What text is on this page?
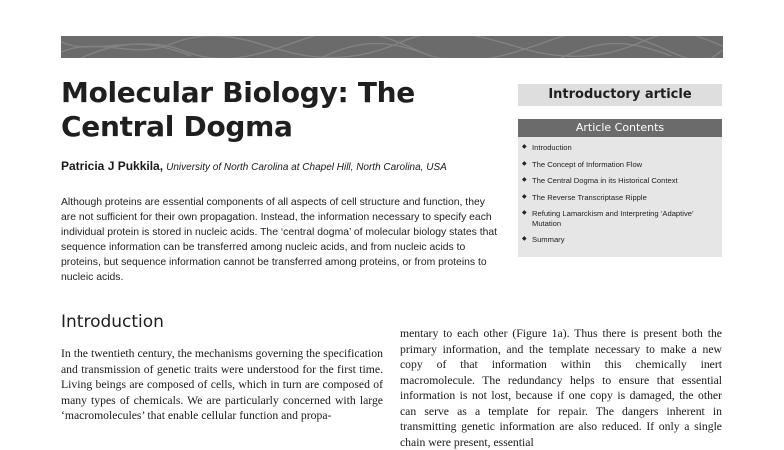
Molecular Biology: The Central Dogma
Patricia J Pukkila, University of North Carolina at Chapel Hill, North Carolina, USA

Although proteins are essential components of all aspects of cell structure and function, they are not sufficient for their own propagation. Instead, the information necessary to specify each individual protein is stored in nucleic acids. The ‘central dogma’ of molecular biology states that sequence information can be transferred among nucleic acids, and from nucleic acids to proteins, but sequence information cannot be transferred among proteins, or from proteins to nucleic acids.

Introductory article
Article Contents
◆ Introduction
◆ The Concept of Information Flow
◆ The Central Dogma in its Historical Context
◆ The Reverse Transcriptase Ripple
◆ Refuting Lamarckism and Interpreting ‘Adaptive’ Mutation
◆ Summary
Introduction
In the twentieth century, the mechanisms governing the specification and transmission of genetic traits were understood for the first time. Living beings are composed of cells, which in turn are composed of many types of chemicals. We are particularly concerned with large ‘macromolecules’ that enable cellular function and propa-
mentary to each other (Figure 1a). Thus there is present both the primary information, and the template necessary to make a new copy of that information within this chemically inert macromolecule. The redundancy helps to ensure that essential information is not lost, because if one copy is damaged, the other can serve as a template for repair. The dangers inherent in transmitting genetic information are also reduced. If only a single chain were present, essential
